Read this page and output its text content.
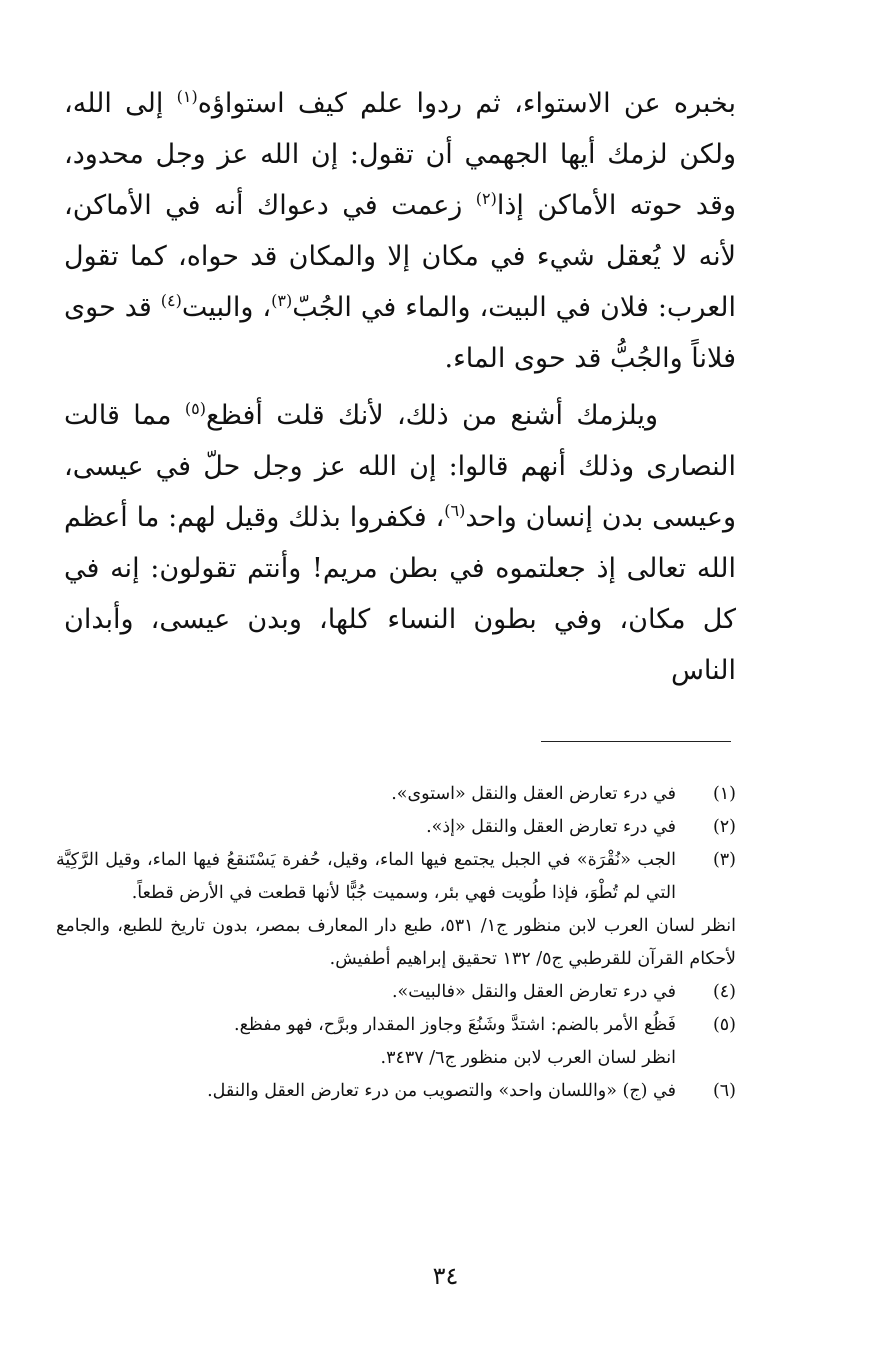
بخبره عن الاستواء، ثم ردوا علم كيف استواؤه$^{(١)}$ إلى الله، ولكن لزمك أيها الجهمي أن تقول: إن الله عز وجل محدود، وقد حوته الأماكن إذا$^{(٢)}$ زعمت في دعواك أنه في الأماكن، لأنه لا يُعقل شيء في مكان إلا والمكان قد حواه، كما تقول العرب: فلان في البيت، والماء في الجُبّ$^{(٣)}$، والبيت$^{(٤)}$ قد حوى فلاناً والجُبُّ قد حوى الماء.

ويلزمك أشنع من ذلك، لأنك قلت أفظع$^{(٥)}$ مما قالت النصارى وذلك أنهم قالوا: إن الله عز وجل حلّ في عيسى، وعيسى بدن إنسان واحد$^{(٦)}$، فكفروا بذلك وقيل لهم: ما أعظم الله تعالى إذ جعلتموه في بطن مريم! وأنتم تقولون: إنه في كل مكان، وفي بطون النساء كلها، وبدن عيسى، وأبدان الناس

(١)
في درء تعارض العقل والنقل «استوى».
(٢)
في درء تعارض العقل والنقل «إذ».
(٣)

الجب «نُقْرَة» في الجبل يجتمع فيها الماء، وقيل، حُفرة يَسْتَنقعُ فيها الماء، وقيل الرَّكِيَّة التي لم تُطْوَ، فإذا طُويت فهي بئر، وسميت جُبًّا لأنها قطعت في الأرض قطعاً.

انظر لسان العرب لابن منظور ج١/ ٥٣١، طبع دار المعارف بمصر، بدون تاريخ للطبع، والجامع لأحكام القرآن للقرطبي ج٥/ ١٣٢ تحقيق إبراهيم أطفيش.

(٤)
في درء تعارض العقل والنقل «فالبيت».
(٥)

فَظُع الأمر بالضم: اشتدَّ وشَنُعَ وجاوز المقدار وبرَّح، فهو مفظع.

انظر لسان العرب لابن منظور ج٦/ ٣٤٣٧.

(٦)
في (ج) «واللسان واحد» والتصويب من درء تعارض العقل والنقل.
٣٤
